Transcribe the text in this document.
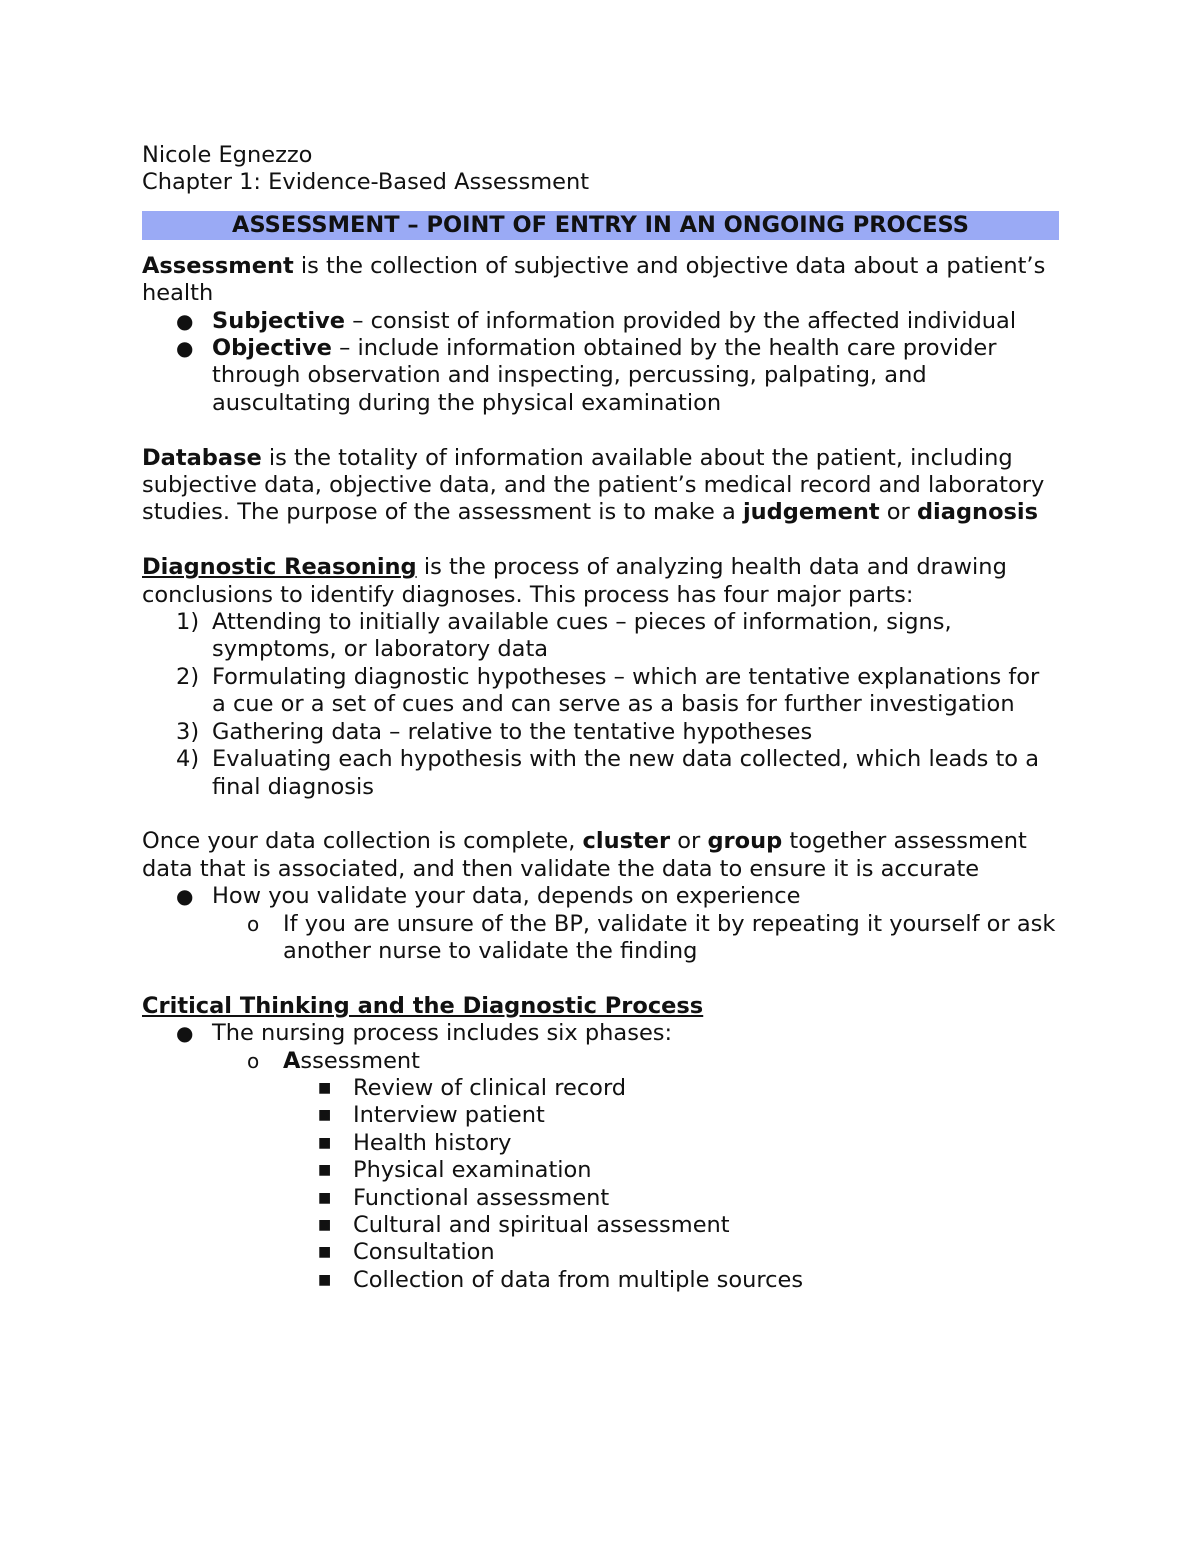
Nicole Egnezzo

Chapter 1: Evidence-Based Assessment

ASSESSMENT – POINT OF ENTRY IN AN ONGOING PROCESS

Assessment is the collection of subjective and objective data about a patient’s health

● Subjective – consist of information provided by the affected individual
● Objective – include information obtained by the health care provider through observation and inspecting, percussing, palpating, and auscultating during the physical examination

Database is the totality of information available about the patient, including subjective data, objective data, and the patient’s medical record and laboratory studies. The purpose of the assessment is to make a judgement or diagnosis

Diagnostic Reasoning is the process of analyzing health data and drawing conclusions to identify diagnoses. This process has four major parts:

1) Attending to initially available cues – pieces of information, signs, symptoms, or laboratory data
2) Formulating diagnostic hypotheses – which are tentative explanations for a cue or a set of cues and can serve as a basis for further investigation
3) Gathering data – relative to the tentative hypotheses
4) Evaluating each hypothesis with the new data collected, which leads to a final diagnosis

Once your data collection is complete, cluster or group together assessment data that is associated, and then validate the data to ensure it is accurate

● How you validate your data, depends on experience
o If you are unsure of the BP, validate it by repeating it yourself or ask another nurse to validate the finding

Critical Thinking and the Diagnostic Process

● The nursing process includes six phases:
o Assessment
■ Review of clinical record
■ Interview patient
■ Health history
■ Physical examination
■ Functional assessment
■ Cultural and spiritual assessment
■ Consultation
■ Collection of data from multiple sources
